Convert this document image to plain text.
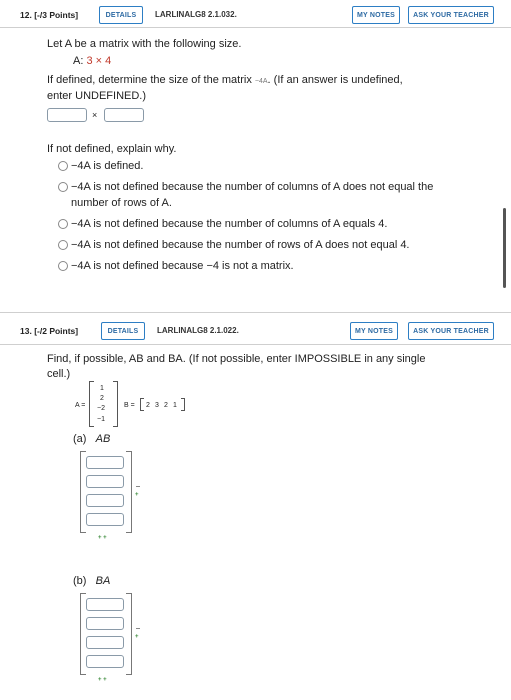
12. [-/3 Points]	DETAILS	LARLINALG8 2.1.032.	MY NOTES	ASK YOUR TEACHER
Let A be a matrix with the following size.
A: 3 × 4
If defined, determine the size of the matrix −4A. (If an answer is undefined,
enter UNDEFINED.)
×
If not defined, explain why.
−4A is defined.
−4A is not defined because the number of columns of A does not equal the
number of rows of A.
−4A is not defined because the number of columns of A equals 4.
−4A is not defined because the number of rows of A does not equal 4.
−4A is not defined because −4 is not a matrix.
13. [-/2 Points]	DETAILS	LARLINALG8 2.1.022.	MY NOTES	ASK YOUR TEACHER
Find, if possible, AB and BA. (If not possible, enter IMPOSSIBLE in any single
cell.)
A =
1
2
−2
−1
B = 2 3 2 1
(a) AB
+
+ +
(b) BA
+
+ +
